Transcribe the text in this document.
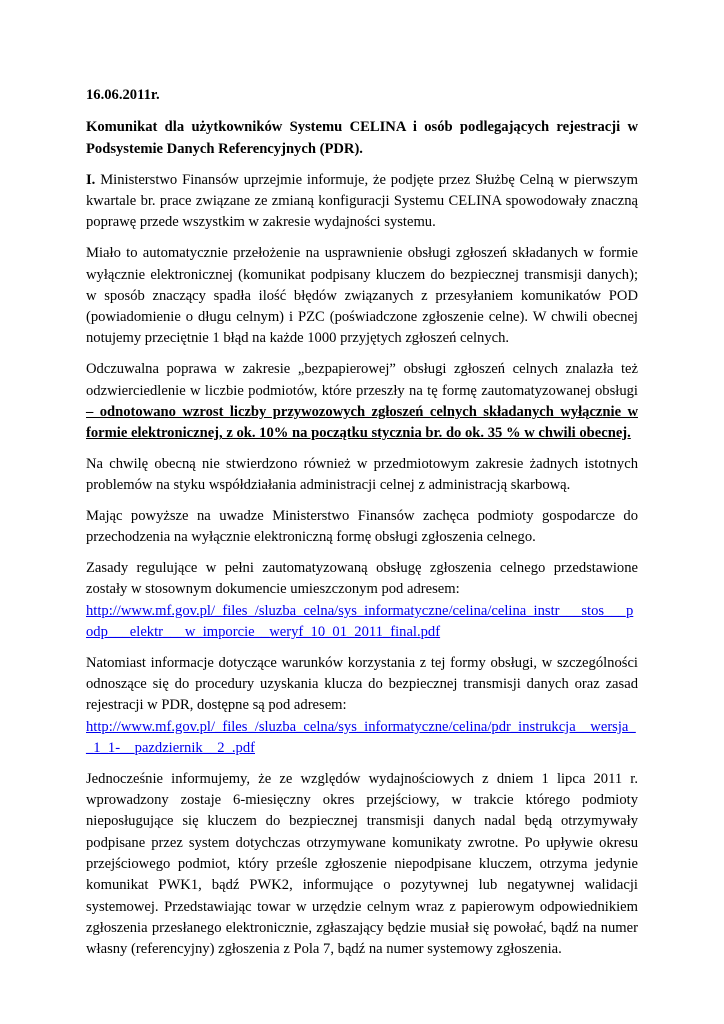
16.06.2011r.

Komunikat dla użytkowników Systemu CELINA i osób podlegających rejestracji w Podsystemie Danych Referencyjnych (PDR).

I. Ministerstwo Finansów uprzejmie informuje, że podjęte przez Służbę Celną w pierwszym kwartale br. prace związane ze zmianą konfiguracji Systemu CELINA spowodowały znaczną poprawę przede wszystkim w zakresie wydajności systemu.

Miało to automatycznie przełożenie na usprawnienie obsługi zgłoszeń składanych w formie wyłącznie elektronicznej (komunikat podpisany kluczem do bezpiecznej transmisji danych); w sposób znaczący spadła ilość błędów związanych z przesyłaniem komunikatów POD (powiadomienie o długu celnym) i PZC (poświadczone zgłoszenie celne). W chwili obecnej notujemy przeciętnie 1 błąd na każde 1000 przyjętych zgłoszeń celnych.

Odczuwalna poprawa w zakresie „bezpapierowej” obsługi zgłoszeń celnych znalazła też odzwierciedlenie w liczbie podmiotów, które przeszły na tę formę zautomatyzowanej obsługi – odnotowano wzrost liczby przywozowych zgłoszeń celnych składanych wyłącznie w formie elektronicznej, z ok. 10% na początku stycznia br. do ok. 35 % w chwili obecnej.

Na chwilę obecną nie stwierdzono również w przedmiotowym zakresie żadnych istotnych problemów na styku współdziałania administracji celnej z administracją skarbową.

Mając powyższe na uwadze Ministerstwo Finansów zachęca podmioty gospodarcze do przechodzenia na wyłącznie elektroniczną formę obsługi zgłoszenia celnego.

Zasady regulujące w pełni zautomatyzowaną obsługę zgłoszenia celnego przedstawione zostały w stosownym dokumencie umieszczonym pod adresem:
http://www.mf.gov.pl/_files_/sluzba_celna/sys_informatyczne/celina/celina_instr___stos___podp___elektr___w_imporcie__weryf_10_01_2011_final.pdf

Natomiast informacje dotyczące warunków korzystania z tej formy obsługi, w szczególności odnoszące się do procedury uzyskania klucza do bezpiecznej transmisji danych oraz zasad rejestracji w PDR, dostępne są pod adresem:
http://www.mf.gov.pl/_files_/sluzba_celna/sys_informatyczne/celina/pdr_instrukcja__wersja__1_1-__pazdziernik__2_.pdf

Jednocześnie informujemy, że ze względów wydajnościowych z dniem 1 lipca 2011 r. wprowadzony zostaje 6-miesięczny okres przejściowy, w trakcie którego podmioty nieposługujące się kluczem do bezpiecznej transmisji danych nadal będą otrzymywały podpisane przez system dotychczas otrzymywane komunikaty zwrotne. Po upływie okresu przejściowego podmiot, który prześle zgłoszenie niepodpisane kluczem, otrzyma jedynie komunikat PWK1, bądź PWK2, informujące o pozytywnej lub negatywnej walidacji systemowej. Przedstawiając towar w urzędzie celnym wraz z papierowym odpowiednikiem zgłoszenia przesłanego elektronicznie, zgłaszający będzie musiał się powołać, bądź na numer własny (referencyjny) zgłoszenia z Pola 7, bądź na numer systemowy zgłoszenia.
